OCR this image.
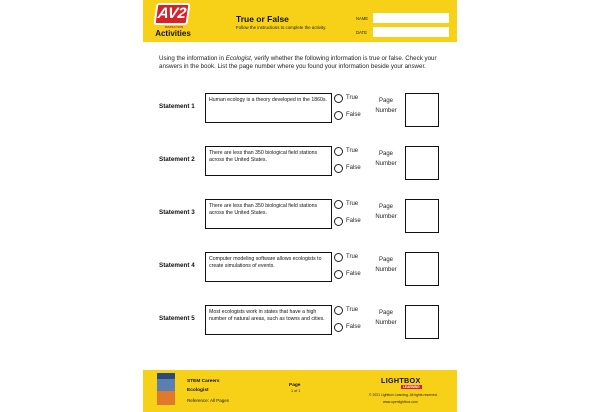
AV2
INSPECTION
Activities
True or False
Follow the instructions to complete the activity.
NAME
DATE
Using the information in Ecologist, verify whether the following information is true or false. Check your answers in the book. List the page number where you found your information beside your answer.
Statement 1
Human ecology is a theory developed in the 1860s.	True
False
Page
Number
Statement 2
There are less than 350 biological field stations across the United States.
True
False
Page
Number
Statement 3
There are less than 350 biological field stations across the United States.
True
False
Page
Number
Statement 4
Computer modeling software allows ecologists to create simulations of events.
True
False
Page
Number
Statement 5
Most ecologists work in states that have a high number of natural areas, such as towns and cities.
True
False
Page
Number
STEM Careers
Ecologist
Reference: All Pages
Page
1 of 1
LIGHTBOX
LEARNING
© 2021 Lightbox Learning. All rights reserved.
www.openlightbox.com
